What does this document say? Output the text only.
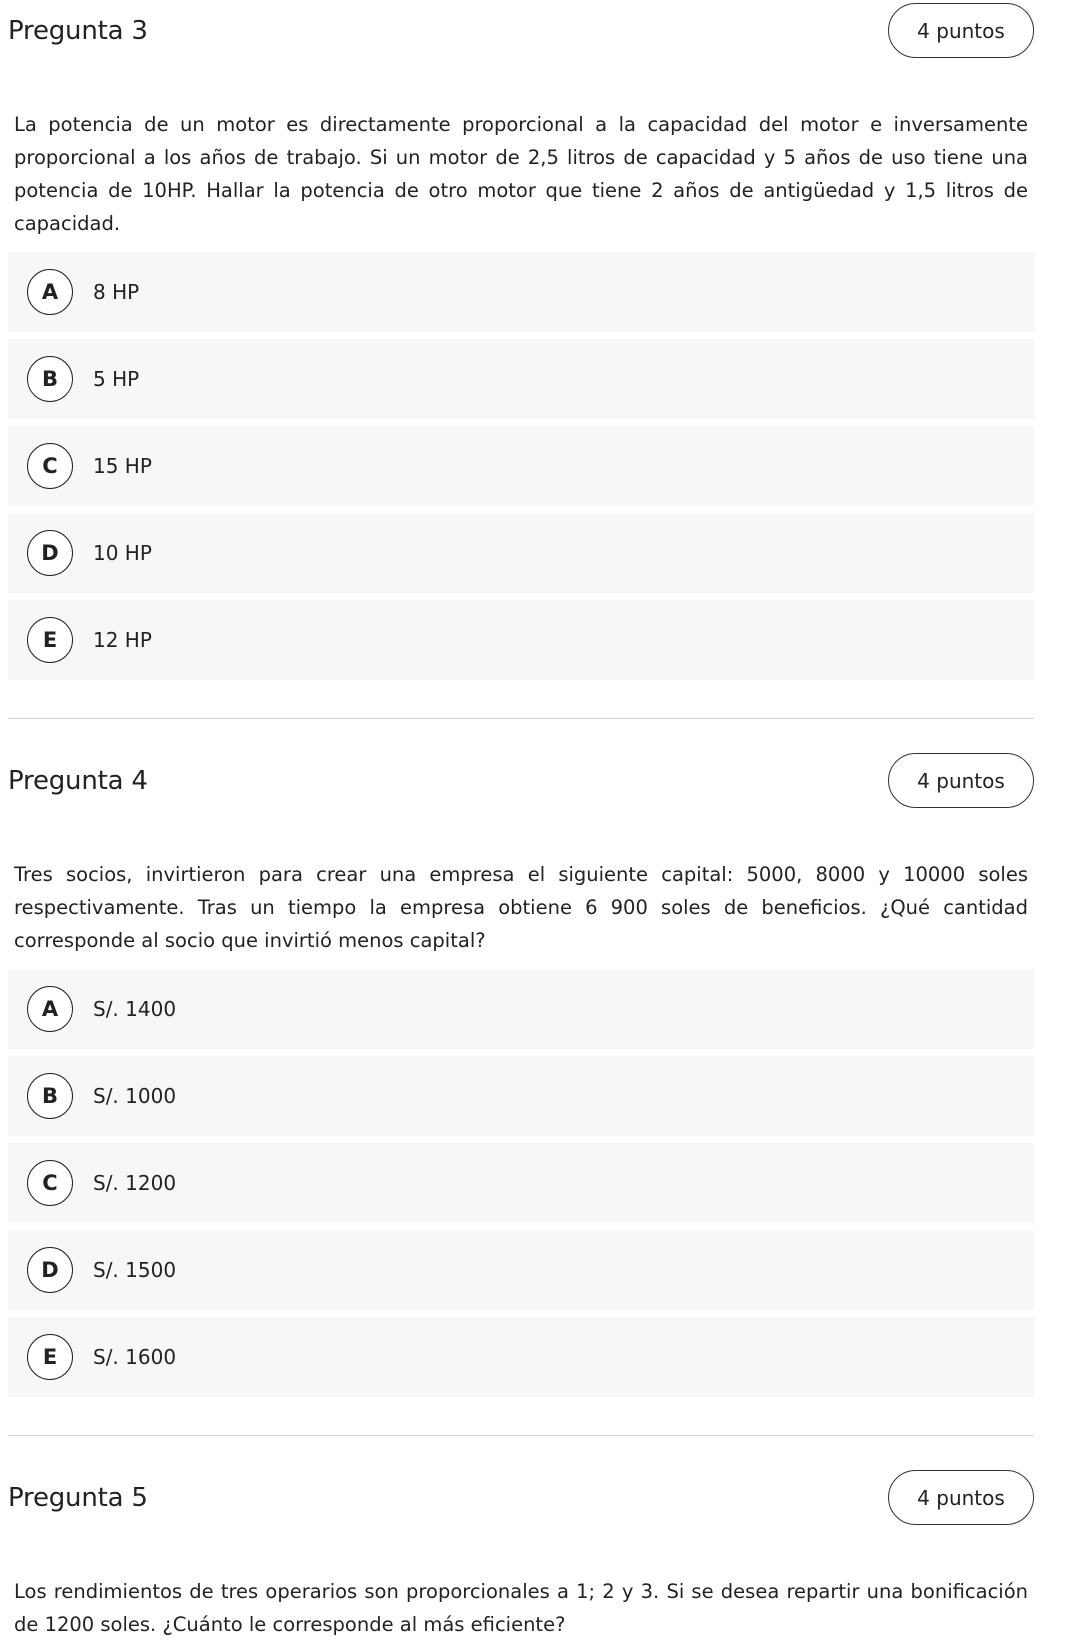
Pregunta 3	4 puntos
La potencia de un motor es directamente proporcional a la capacidad del motor e inversamente proporcional a los años de trabajo. Si un motor de 2,5 litros de capacidad y 5 años de uso tiene una potencia de 10HP. Hallar la potencia de otro motor que tiene 2 años de antigüedad y 1,5 litros de capacidad.
A	8 HP
B	5 HP
C	15 HP
D	10 HP
E	12 HP
Pregunta 4	4 puntos
Tres socios, invirtieron para crear una empresa el siguiente capital: 5000, 8000 y 10000 soles respectivamente. Tras un tiempo la empresa obtiene 6 900 soles de beneficios. ¿Qué cantidad corresponde al socio que invirtió menos capital?
A	S/. 1400
B	S/. 1000
C	S/. 1200
D	S/. 1500
E	S/. 1600
Pregunta 5	4 puntos
Los rendimientos de tres operarios son proporcionales a 1; 2 y 3. Si se desea repartir una bonificación de 1200 soles. ¿Cuánto le corresponde al más eficiente?
